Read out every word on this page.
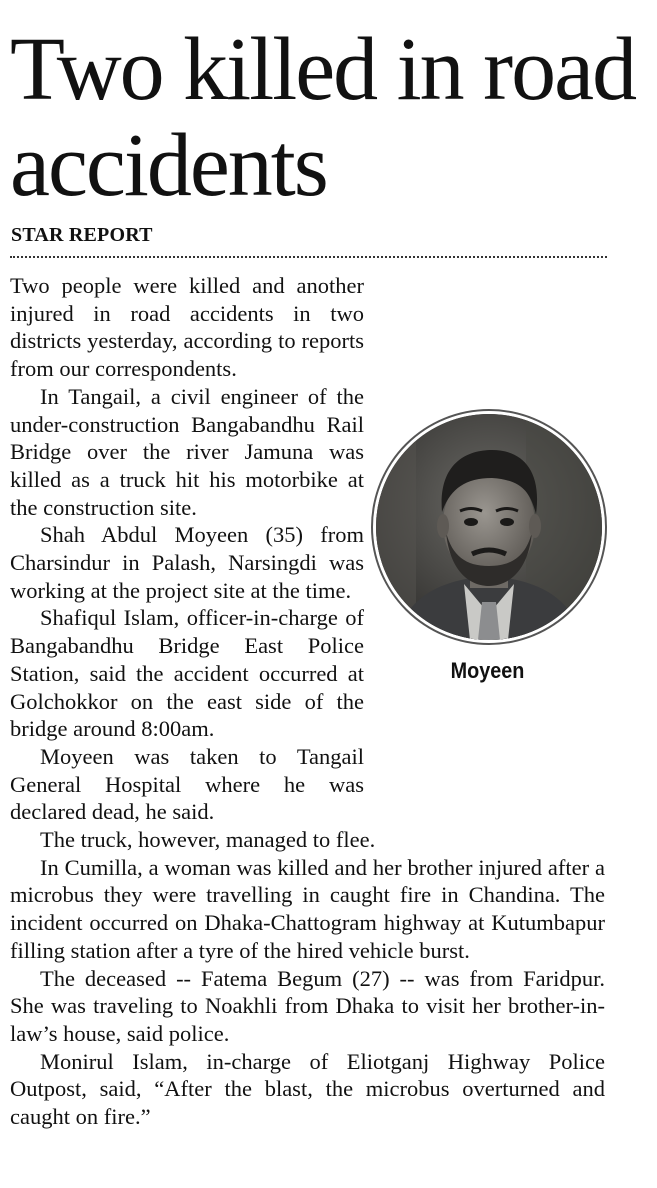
Two killed in road accidents
STAR REPORT
Moyeen

Two people were killed and another injured in road accidents in two districts yesterday, according to reports from our correspondents.

In Tangail, a civil engineer of the under-construction Bangabandhu Rail Bridge over the river Jamuna was killed as a truck hit his motorbike at the construction site.

Shah Abdul Moyeen (35) from Charsindur in Palash, Narsingdi was working at the project site at the time.

Shafiqul Islam, officer-in-charge of Bangabandhu Bridge East Police Station, said the accident occurred at Golchokkor on the east side of the bridge around 8:00am.

Moyeen was taken to Tangail General Hospital where he was declared dead, he said.

The truck, however, managed to flee.

In Cumilla, a woman was killed and her brother injured after a microbus they were travelling in caught fire in Chandina. The incident occurred on Dhaka-Chattogram highway at Kutumbapur filling station after a tyre of the hired vehicle burst.

The deceased -- Fatema Begum (27) -- was from Faridpur. She was traveling to Noakhli from Dhaka to visit her brother-in-law’s house, said police.

Monirul Islam, in-charge of Eliotganj Highway Police Outpost, said, “After the blast, the microbus overturned and caught on fire.”
